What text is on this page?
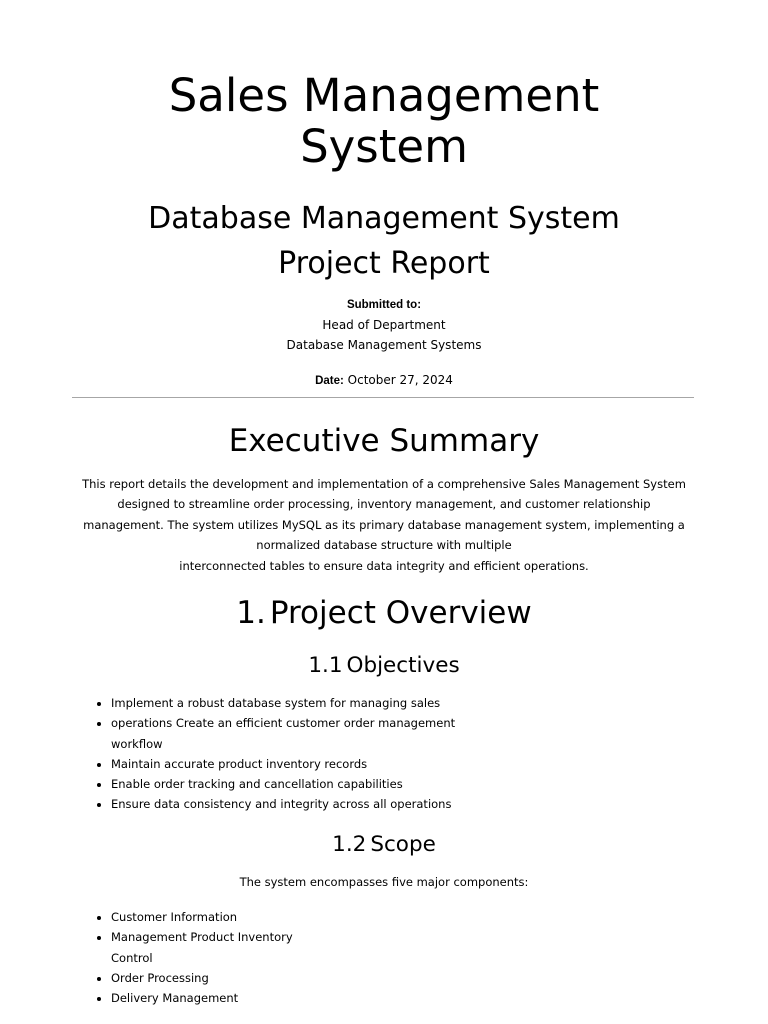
Sales Management
System
Database Management System
Project Report
Submitted to:
Head of Department
Database Management Systems
Date: October 27, 2024
Executive Summary
This report details the development and implementation of a comprehensive Sales Management System
designed to streamline order processing, inventory management, and customer relationship
management. The system utilizes MySQL as its primary database management system, implementing a
normalized database structure with multiple
interconnected tables to ensure data integrity and efficient operations.
1. Project Overview
1.1 Objectives
Implement a robust database system for managing sales
operations Create an efficient customer order management
workflow
Maintain accurate product inventory records
Enable order tracking and cancellation capabilities
Ensure data consistency and integrity across all operations
1.2 Scope
The system encompasses five major components:
Customer Information
Management Product Inventory
Control
Order Processing
Delivery Management
